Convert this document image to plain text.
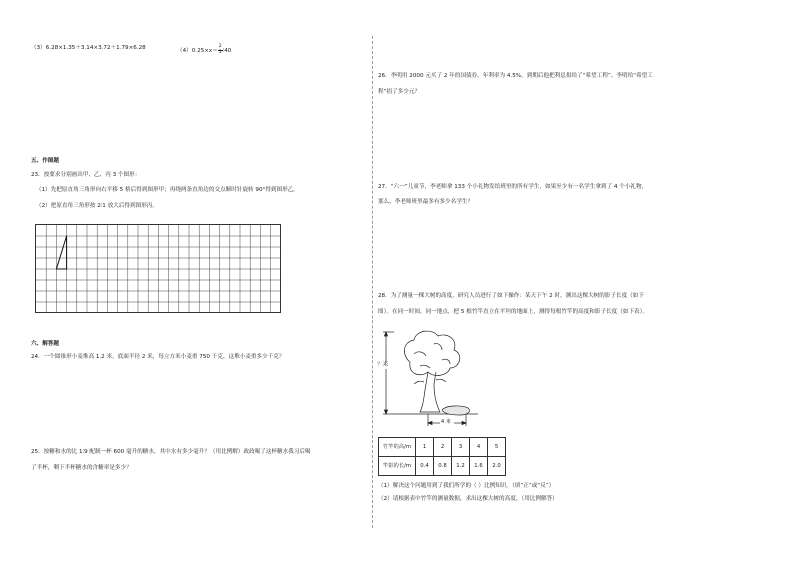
（3）6.28×1.35＋3.14×3.72＋1.79×6.28	$(4)0.25\times x= \frac{2}{5}$ ∶40
五、作图题
23．按要求分别画出甲、乙、丙 3 个图形：
（1）先把原直角三角形向右平移 5 格后得到图形甲；再绕两条直角边的交点顺时针旋转 90°得到图形乙。
（2）把原直角三角形按 2∶1 放大后得到图形丙。
六、解答题
24．一个圆锥形小麦堆高 1.2 米，底面半径 2 米，每立方米小麦重 750 千克，这堆小麦重多少千克？
25．按糖和水的比 1∶9 配制一杯 600 毫升的糖水，其中水有多少毫升？（用比例解）政政喝了这杯糖水我习后喝
了半杯，剩下半杯糖水的含糖率是多少？
26．李明用 2000 元买了 2 年的国债券，年利率为 4.5%。到期后他把利息捐给了“希望工程”。李明给“希望工
程”捐了多少元？
27．“六一”儿童节，李老师拿 133 个小礼物发给班里的所有学生，如果至少有一名学生拿到了 4 个小礼物，
那么，李老师班里最多有多少名学生？
28．为了测量一棵大树的高度，研究人员进行了如下操作：某天下午 2 时，测出这棵大树的影子长度（如下
图）。在同一时间，同一地点，把 5 根竹竿直立在平坦的地面上，测得每根竹竿的高度和影子长度（如下表）。
？米
4 米
竹竿的高/m	1	2	3	4	5
竿影的长/m	0.4	0.8	1.2	1.6	2.0
（1）解决这个问题用到了我们所学的（ ）比例知识。（填“正”或“反”）
（2）请根据表中竹竿的测量数据，求出这棵大树的高度。（用比例解答）
